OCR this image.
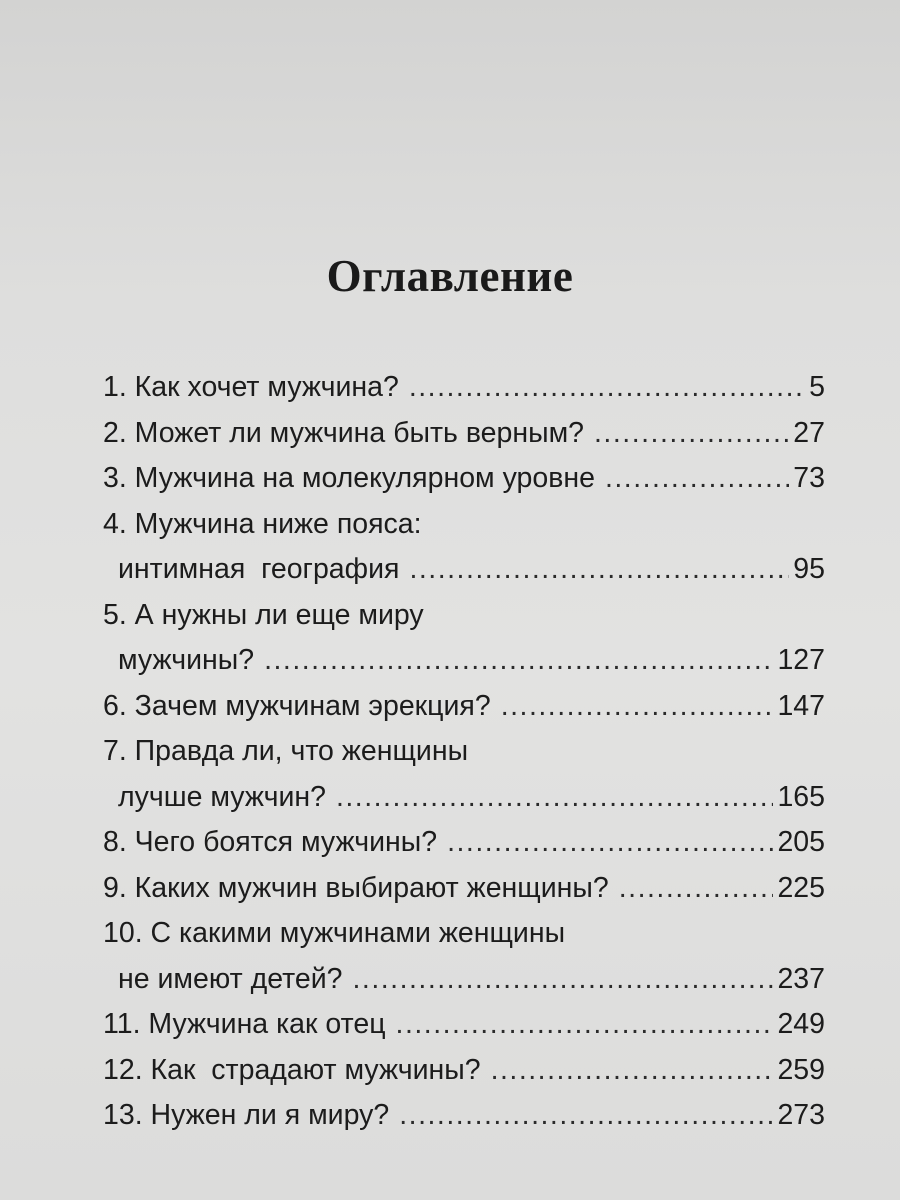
Оглавление
1. Как хочет мужчина? .....	5
2. Может ли мужчина быть верным? .....	27
3. Мужчина на молекулярном уровне .....	73
4. Мужчина ниже пояса:
интимная  география .....	95
5. А нужны ли еще миру
мужчины? .....	127
6. Зачем мужчинам эрекция? .....	147
7. Правда ли, что женщины
лучше мужчин? .....	165
8. Чего боятся мужчины? .....	205
9. Каких мужчин выбирают женщины? .....	225
10. С какими мужчинами женщины
не имеют детей? .....	237
11. Мужчина как отец .....	249
12. Как  страдают мужчины? .....	259
13. Нужен ли я миру? .....	273
